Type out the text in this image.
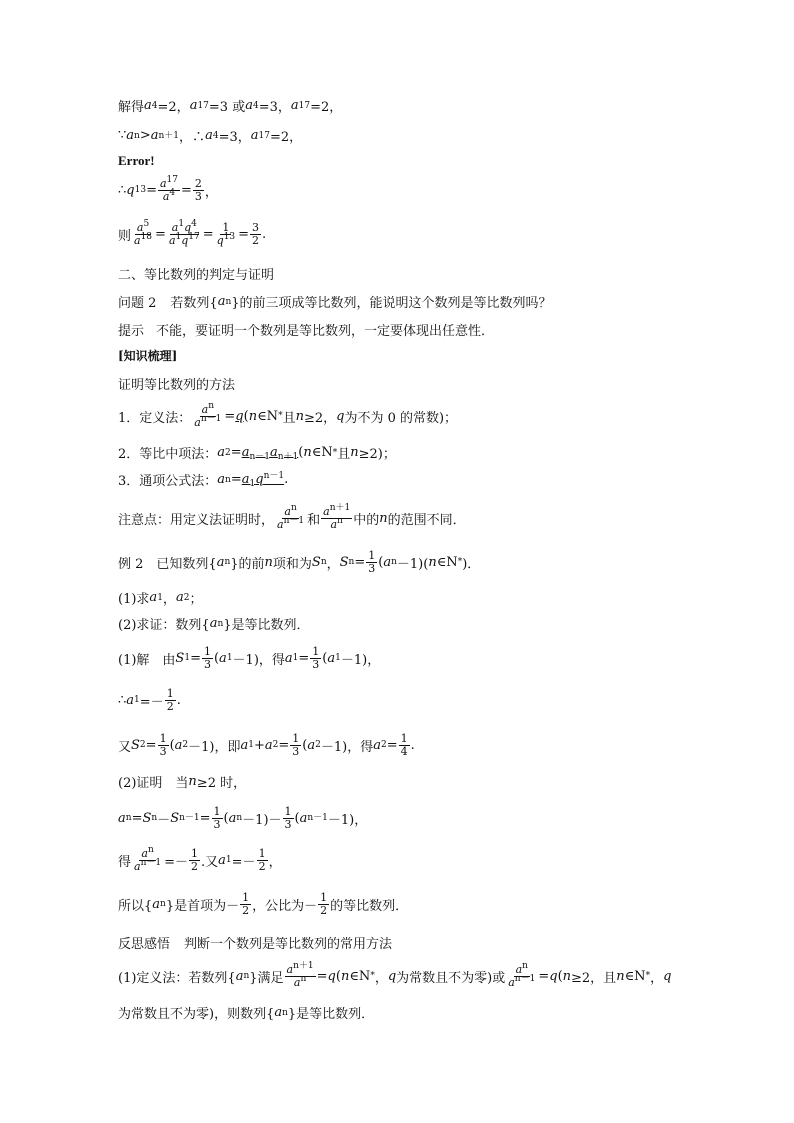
解得 a 4 =2， a 17 =3 或 a 4 =3， a 17 =2，
∵ a n > a n＋1 ，∴ a 4 =3， a 17 =2，
Error!
∴ q $13 = \frac{a^{17}}{a^4} = \frac{2}{3}$ ，
则 $\frac{a^5}{a^{18}} = \frac{a^1q^4}{a^1q^{17}} = \frac{1}{q^{13}} = \frac{3}{2}$ .
二、等比数列的判定与证明
问题 2 若数列{ a n }的前三项成等比数列，能说明这个数列是等比数列吗？
提示 不能，要证明一个数列是等比数列，一定要体现出任意性．
[知识梳理]
证明等比数列的方法
1．定义法： $\frac{a^n}{a^{n-1}} = q$ ( n ∈N * 且 n ≥2， q 为不为 0 的常数)；
2．等比中项法： a $2 = a_{n-1}a_{n+1}$ ( n ∈N * 且 n ≥2)；
3．通项公式法： a $n = a_1q^{n-1}$ .
注意点：用定义法证明时， $\frac{a^n}{a^{n-1}}$ 和 $\frac{a^{n+1}}{a^n}$ 中的 n 的范围不同．
例 2　已知数列{ a n }的前 n 项和为 S n ， S $n = \frac{1}{3}$ ( a n －1)( n ∈N * )．
(1)求 a 1 ， a 2 ；
(2)求证：数列{ a n }是等比数列．
(1)解　由 S $1 = \frac{1}{3}$ ( a 1 －1)，得 a $1 = \frac{1}{3}$ ( a 1 －1)，
∴ a $1 =- \frac{1}{2}$ .
又 S $2 = \frac{1}{3}$ ( a 2 －1)，即 a 1 + a $2 = \frac{1}{3}$ ( a 2 －1)，得 a $2 = \frac{1}{4}$ .
(2)证明　当 n ≥2 时，
a n = S n － S $n-1 = \frac{1}{3}$ ( a $n -1)- \frac{1}{3}$ ( a n－1 －1)，
得 $\frac{a^n}{a^{n-1}} =- \frac{1}{2}$ .又 a $1 =- \frac{1}{2}$ ，
所以{ a n }是首项为－ $\frac{1}{2}$ ，公比为－ $\frac{1}{2}$ 的等比数列．
反思感悟 判断一个数列是等比数列的常用方法
(1)定义法：若数列{ a n }满足 $\frac{a^{n+1}}{a^n} = q$ ( n ∈N * ， q 为常数且不为零)或 $\frac{a^n}{a^{n-1}} = q$ ( n ≥2，且 n ∈N * ， q
为常数且不为零)，则数列{ a n }是等比数列．
